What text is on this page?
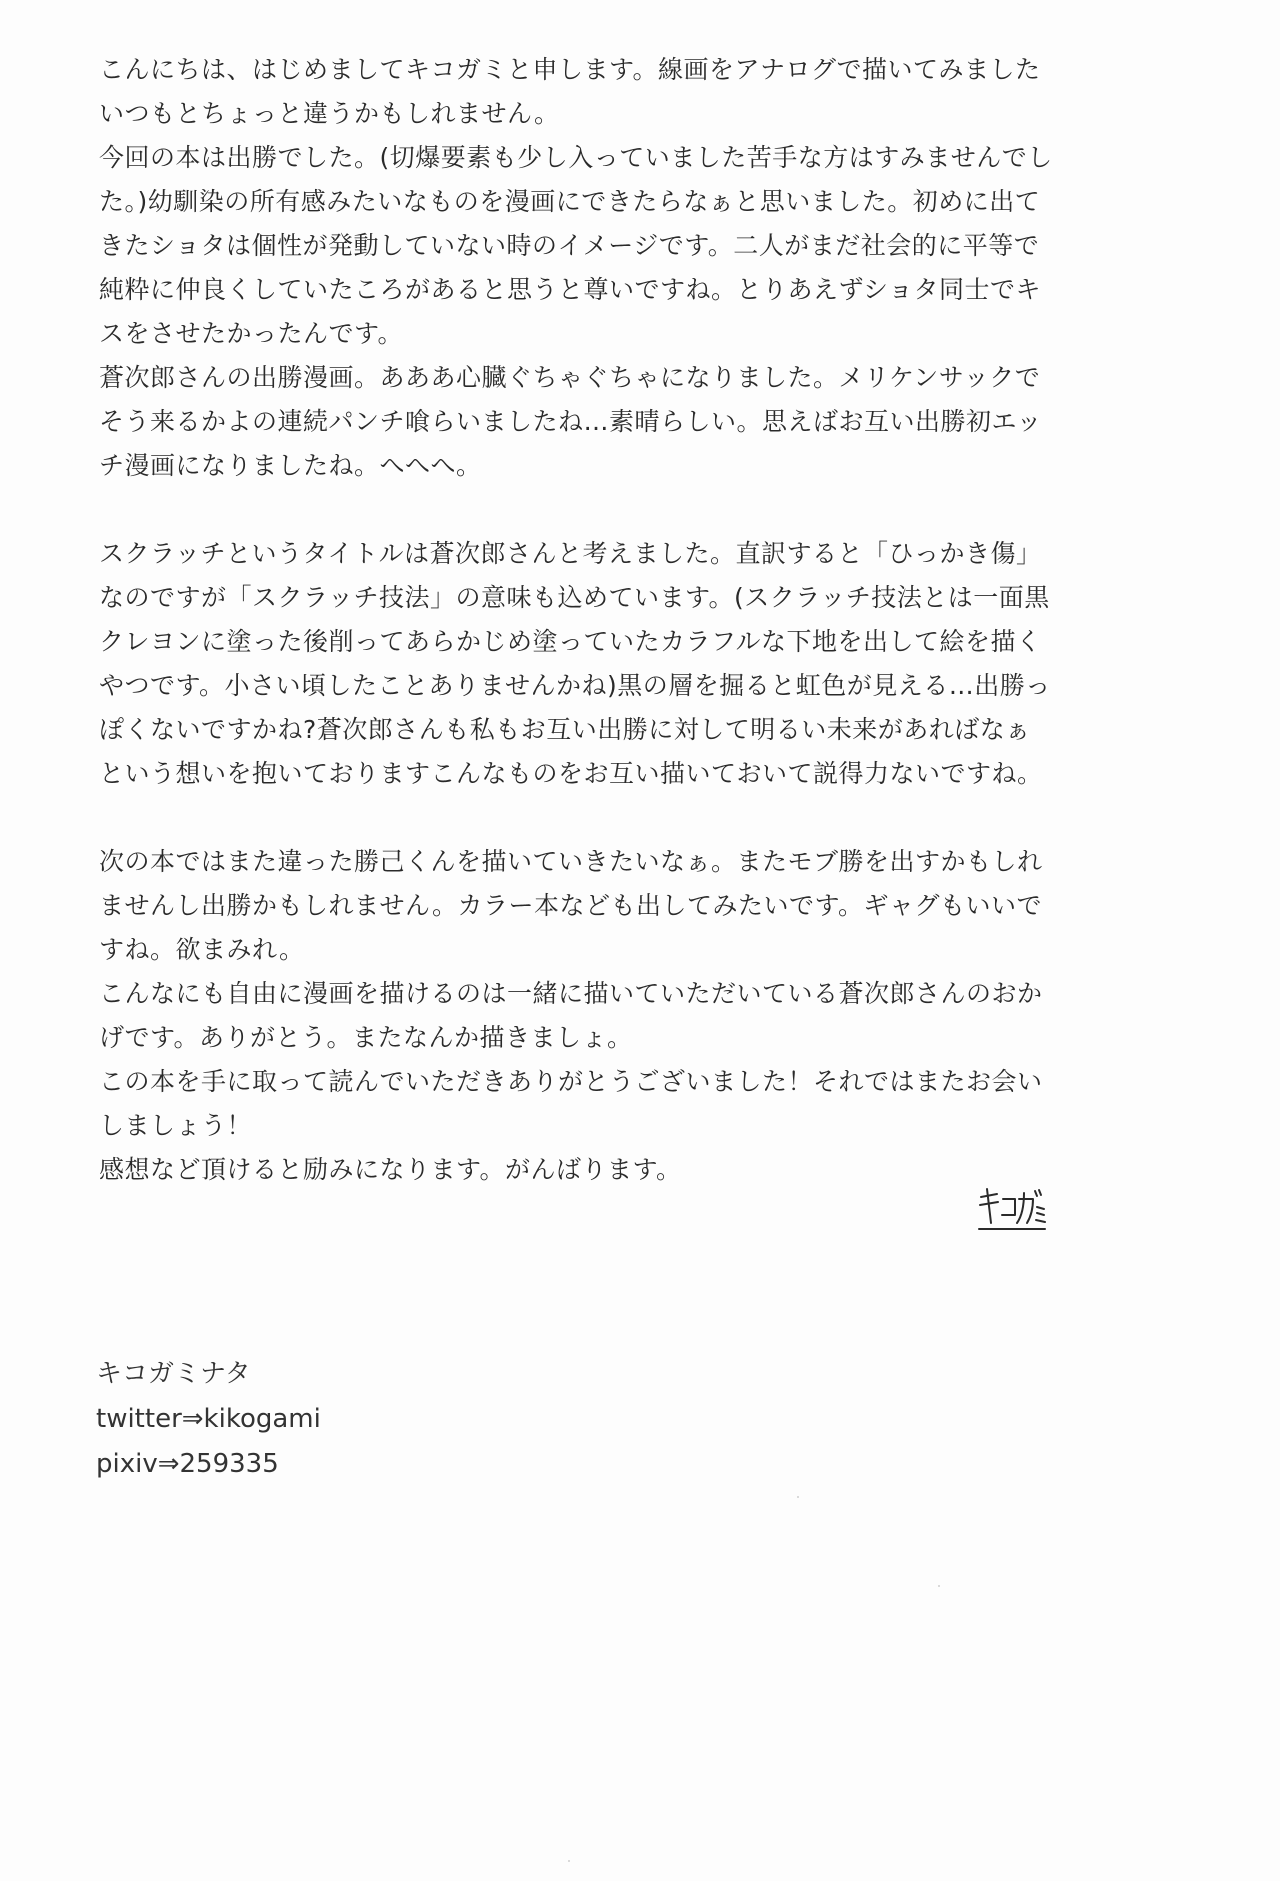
こんにちは、はじめましてキコガミと申します。線画をアナログで描いてみました
いつもとちょっと違うかもしれません。
今回の本は出勝でした。(切爆要素も少し入っていました苦手な方はすみませんでし
た。)幼馴染の所有感みたいなものを漫画にできたらなぁと思いました。初めに出て
きたショタは個性が発動していない時のイメージです。二人がまだ社会的に平等で
純粋に仲良くしていたころがあると思うと尊いですね。とりあえずショタ同士でキ
スをさせたかったんです。
蒼次郎さんの出勝漫画。あああ心臓ぐちゃぐちゃになりました。メリケンサックで
そう来るかよの連続パンチ喰らいましたね…素晴らしい。思えばお互い出勝初エッ
チ漫画になりましたね。へへへ。
スクラッチというタイトルは蒼次郎さんと考えました。直訳すると「ひっかき傷」
なのですが「スクラッチ技法」の意味も込めています。(スクラッチ技法とは一面黒
クレヨンに塗った後削ってあらかじめ塗っていたカラフルな下地を出して絵を描く
やつです。小さい頃したことありませんかね)黒の層を掘ると虹色が見える…出勝っ
ぽくないですかね?蒼次郎さんも私もお互い出勝に対して明るい未来があればなぁ
という想いを抱いておりますこんなものをお互い描いておいて説得力ないですね。
次の本ではまた違った勝己くんを描いていきたいなぁ。またモブ勝を出すかもしれ
ませんし出勝かもしれません。カラー本なども出してみたいです。ギャグもいいで
すね。欲まみれ。
こんなにも自由に漫画を描けるのは一緒に描いていただいている蒼次郎さんのおか
げです。ありがとう。またなんか描きましょ。
この本を手に取って読んでいただきありがとうございました！それではまたお会い
しましょう！
感想など頂けると励みになります。がんばります。
キコガミナタ
twitter⇒kikogami
pixiv⇒259335
